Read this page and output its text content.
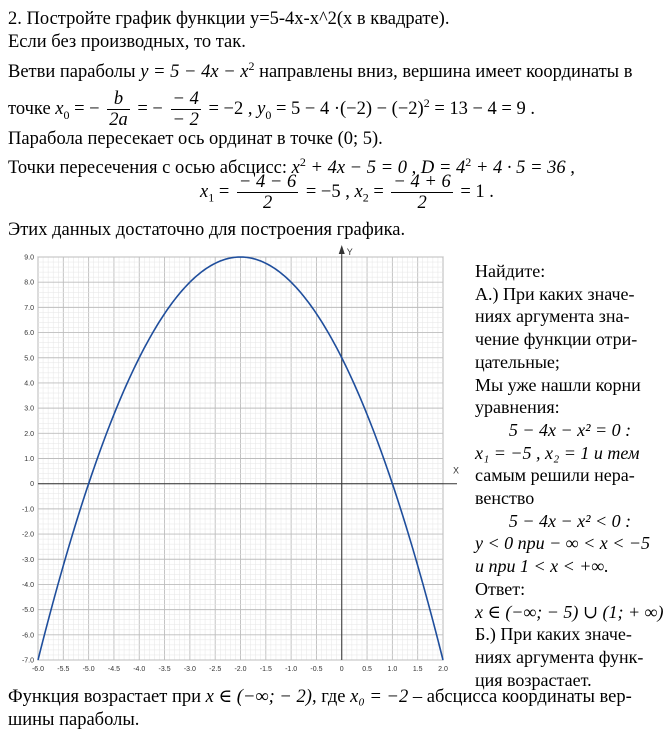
2. Постройте график функции y=5-4x-x^2(x в квадрате).
Если без производных, то так.
Ветви параболы $y = 5 - 4x - x^2$ направлены вниз, вершина имеет координаты в
точке $x_0$ = − $\frac{b}{2a}$ = − $\frac{- 4}{- 2} = -2$ , $y_0 = 5 - 4 \cdot(-2) - (-2)^2 = 13 - 4 = 9$ .
Парабола пересекает ось ординат в точке (0; 5).
Точки пересечения с осью абсцисс: $x^2 + 4x - 5 = 0$ , $D = 4^2 + 4 \cdot 5 = 36$ ,
$x_1 = \frac{- 4 - 6}{2} = -5$ , $x_2 = \frac{- 4 + 6}{2} = 1$ .
Этих данных достаточно для построения графика.
X
Y
-6.0 -5.5 -5.0 -4.5 -4.0 -3.5 -3.0 -2.5 -2.0 -1.5 -1.0 -0.5 0	0.5 1.0 1.5 2.0
-7.0
-6.0
-5.0
-4.0
-3.0
-2.0
-1.0
0
1.0
2.0
3.0
4.0
5.0
6.0
7.0
8.0
9.0
Найдите:
А.) При каких значе-
ниях аргумента зна-
чение функции отри-
цательные;
Мы уже нашли корни
уравнения:
5 − 4x − x² = 0 :
x₁ = −5 , x₂ = 1 и тем
самым решили нера-
венство
5 − 4x − x² < 0 :
y < 0 при − ∞ < x < −5
и при 1 < x < +∞.
Ответ:
x ∈ (−∞; − 5) ∪ (1; + ∞)
Б.) При каких значе-
ниях аргумента функ-
ция возрастает.
Функция возрастает при x ∈ (−∞; − 2), где x₀ = −2 – абсцисса координаты вер-
шины параболы.
